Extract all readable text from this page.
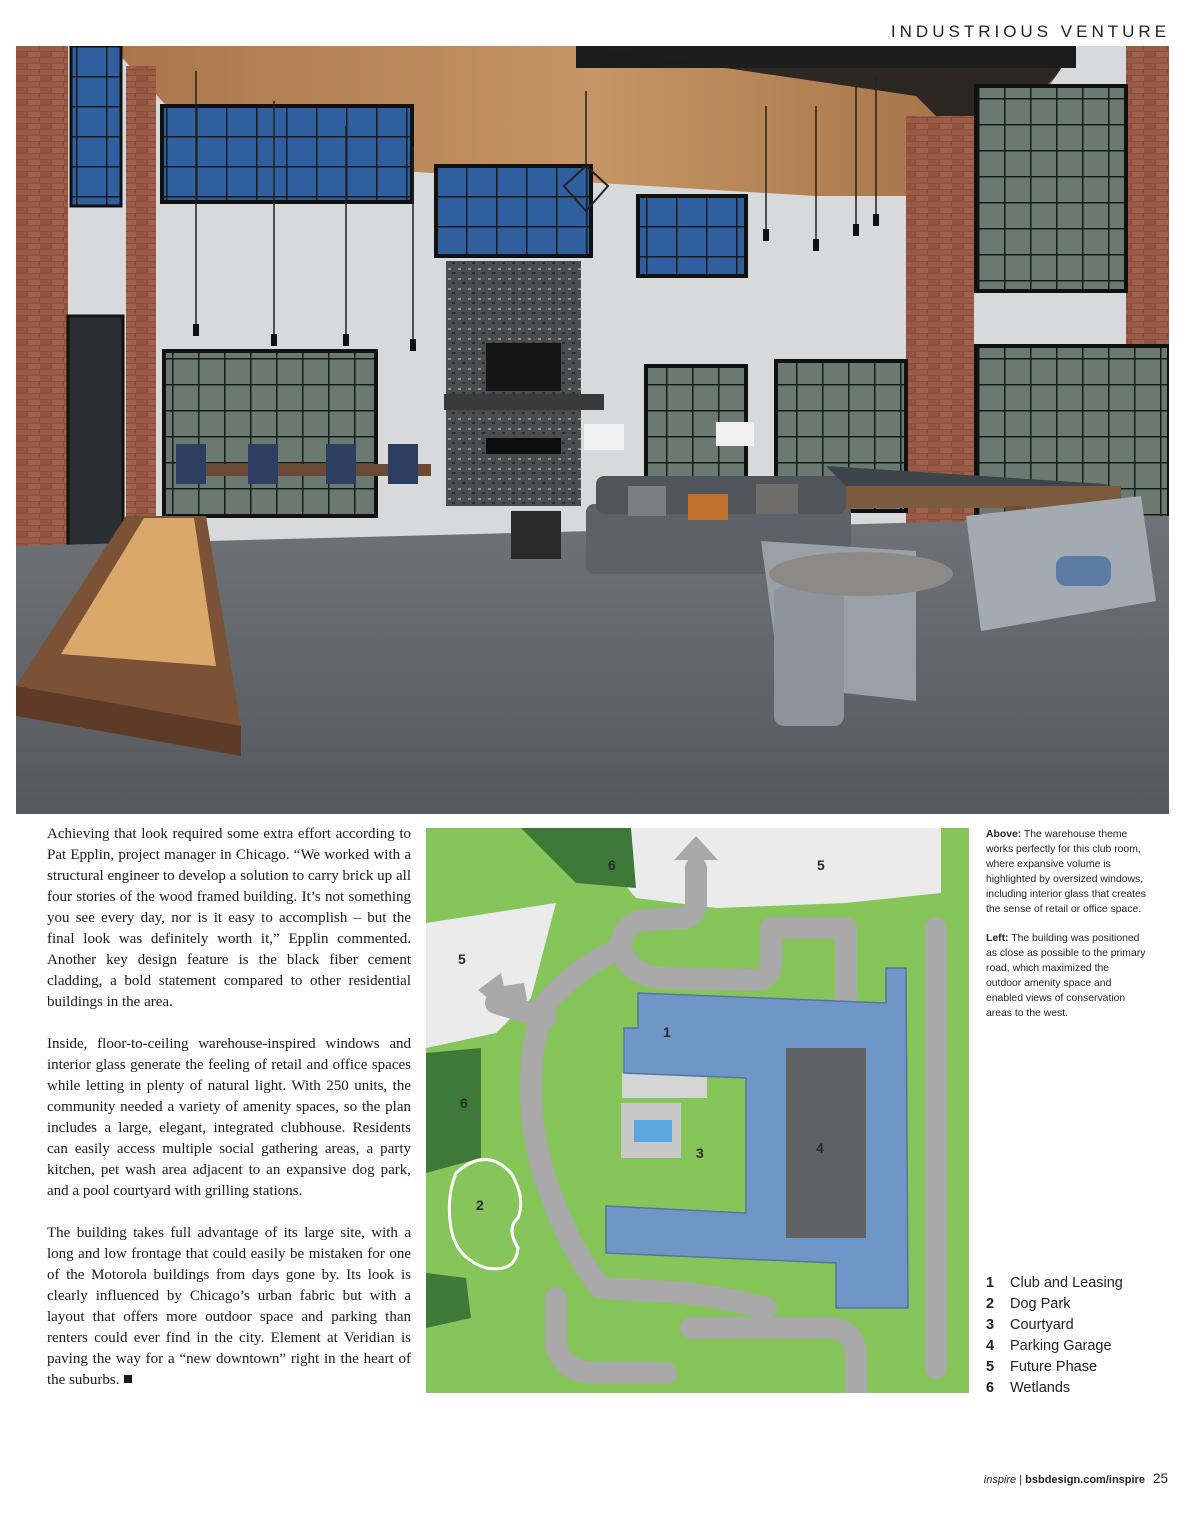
INDUSTRIOUS VENTURE

Achieving that look required some extra effort according to Pat Epplin, project manager in Chicago. “We worked with a structural engineer to develop a solution to carry brick up all four stories of the wood framed building. It’s not something you see every day, nor is it easy to accomplish – but the final look was definitely worth it,” Epplin commented. Another key design feature is the black fiber cement cladding, a bold statement compared to other residential buildings in the area.

Inside, floor-to-ceiling warehouse-inspired windows and interior glass generate the feeling of retail and office spaces while letting in plenty of natural light. With 250 units, the community needed a variety of amenity spaces, so the plan includes a large, elegant, integrated clubhouse. Residents can easily access multiple social gathering areas, a party kitchen, pet wash area adjacent to an expansive dog park, and a pool courtyard with grilling stations.

The building takes full advantage of its large site, with a long and low frontage that could easily be mistaken for one of the Motorola buildings from days gone by. Its look is clearly influenced by Chicago’s urban fabric but with a layout that offers more outdoor space and parking than renters could ever find in the city. Element at Veridian is paving the way for a “new downtown” right in the heart of the suburbs.

6	5
5
6
1
3	4
2

Above: The warehouse theme works perfectly for this club room, where expansive volume is highlighted by oversized windows, including interior glass that creates the sense of retail or office space.

Left: The building was positioned as close as possible to the primary road, which maximized the outdoor amenity space and enabled views of conservation areas to the west.

1 Club and Leasing
2 Dog Park
3 Courtyard
4 Parking Garage
5 Future Phase
6 Wetlands
inspire | bsbdesign.com/inspire 25
